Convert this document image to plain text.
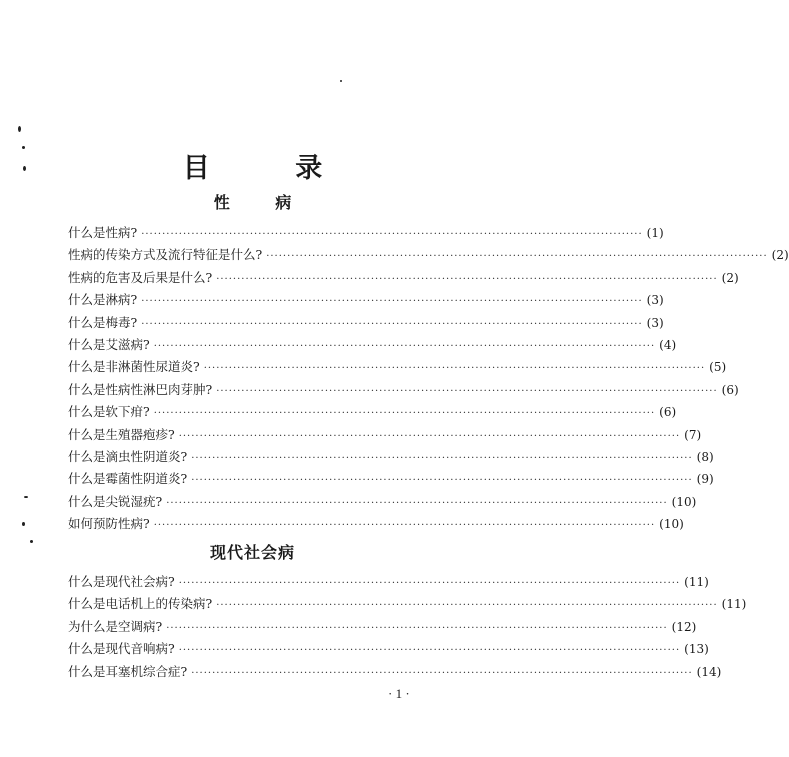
目 录
性 病
什么是性病? ························································································································ (1)
性病的传染方式及流行特征是什么? ························································································································ (2)
性病的危害及后果是什么? ························································································································ (2)
什么是淋病? ························································································································ (3)
什么是梅毒? ························································································································ (3)
什么是艾滋病? ························································································································ (4)
什么是非淋菌性尿道炎? ························································································································ (5)
什么是性病性淋巴肉芽肿? ························································································································ (6)
什么是软下疳? ························································································································ (6)
什么是生殖器疱疹? ························································································································ (7)
什么是滴虫性阴道炎? ························································································································ (8)
什么是霉菌性阴道炎? ························································································································ (9)
什么是尖锐湿疣? ························································································································ (10)
如何预防性病? ························································································································ (10)
现代社会病
什么是现代社会病? ························································································································ (11)
什么是电话机上的传染病? ························································································································ (11)
为什么是空调病? ························································································································ (12)
什么是现代音响病? ························································································································ (13)
什么是耳塞机综合症? ························································································································ (14)
· 1 ·
